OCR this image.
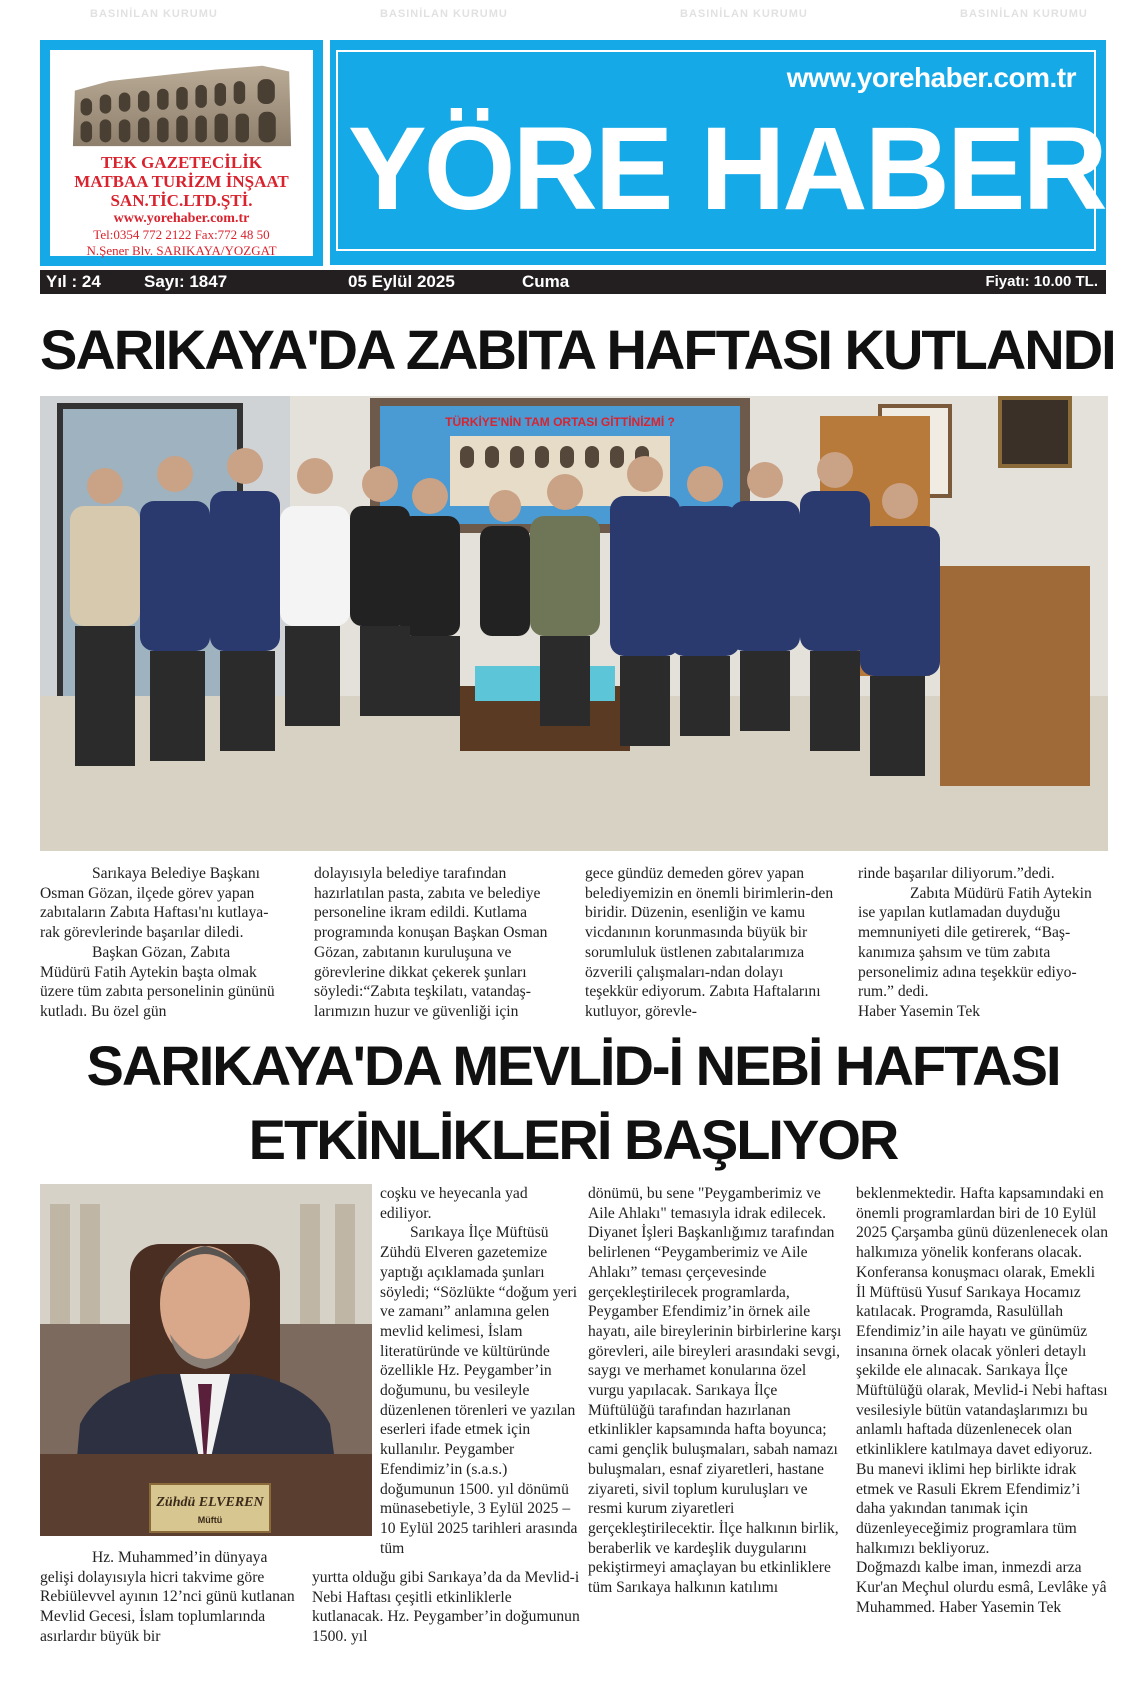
TEK GAZETECİLİK
MATBAA TURİZM İNŞAAT
SAN.TİC.LTD.ŞTİ.
www.yorehaber.com.tr
Tel:0354 772 2122 Fax:772 48 50
N.Şener Blv. SARIKAYA/YOZGAT
www.yorehaber.com.tr
YÖRE HABER
Yıl : 24	Sayı: 1847	05 Eylül 2025	Cuma	Fiyatı: 10.00 TL.
SARIKAYA'DA ZABITA HAFTASI KUTLANDI
TÜRKİYE'NİN TAM ORTASI GİTTİNİZMİ ?

Sarıkaya Belediye Başkanı Osman Gözan, ilçede görev yapan zabıtaların Zabıta Haftası'nı kutlaya-rak görevlerinde başarılar diledi.

Başkan Gözan, Zabıta Müdürü Fatih Aytekin başta olmak üzere tüm zabıta personelinin gününü kutladı. Bu özel gün

dolayısıyla belediye tarafından hazırlatılan pasta, zabıta ve belediye personeline ikram edildi. Kutlama programında konuşan Başkan Osman Gözan, zabıtanın kuruluşuna ve görevlerine dikkat çekerek şunları söyledi:“Zabıta teşkilatı, vatandaş-larımızın huzur ve güvenliği için

gece gündüz demeden görev yapan belediyemizin en önemli birimlerin-den biridir. Düzenin, esenliğin ve kamu vicdanının korunmasında büyük bir sorumluluk üstlenen zabıtalarımıza özverili çalışmaları-ndan dolayı teşekkür ediyorum. Zabıta Haftalarını kutluyor, görevle-

rinde başarılar diliyorum.”dedi.

Zabıta Müdürü Fatih Aytekin ise yapılan kutlamadan duyduğu memnuniyeti dile getirerek, “Baş-kanımıza şahsım ve tüm zabıta personelimiz adına teşekkür ediyo-rum.” dedi.

Haber Yasemin Tek

SARIKAYA'DA MEVLİD-İ NEBİ HAFTASI
ETKİNLİKLERİ BAŞLIYOR
Zühdü ELVEREN
Müftü

Hz. Muhammed’in dünyaya gelişi dolayısıyla hicri takvime göre Rebiülevvel ayının 12’nci günü kutlanan Mevlid Gecesi, İslam toplumlarında asırlardır büyük bir

coşku ve heyecanla yad ediliyor.

Sarıkaya İlçe Müftüsü Zühdü Elveren gazetemize yaptığı açıklamada şunları söyledi; “Sözlükte “doğum yeri ve zamanı” anlamına gelen mevlid kelimesi, İslam literatüründe ve kültüründe özellikle Hz. Peygamber’in doğumunu, bu vesileyle düzenlenen törenleri ve yazılan eserleri ifade etmek için kullanılır. Peygamber Efendimiz’in (s.a.s.) doğumunun 1500. yıl dönümü münasebetiyle, 3 Eylül 2025 – 10 Eylül 2025 tarihleri arasında tüm

yurtta olduğu gibi Sarıkaya’da da Mevlid-i Nebi Haftası çeşitli etkinliklerle kutlanacak. Hz. Peygamber’in doğumunun 1500. yıl

dönümü, bu sene "Peygamberimiz ve Aile Ahlakı" temasıyla idrak edilecek. Diyanet İşleri Başkanlığımız tarafından belirlenen “Peygamberimiz ve Aile Ahlakı” teması çerçevesinde gerçekleştirilecek programlarda, Peygamber Efendimiz’in örnek aile hayatı, aile bireylerinin birbirlerine karşı görevleri, aile bireyleri arasındaki sevgi, saygı ve merhamet konularına özel vurgu yapılacak. Sarıkaya İlçe Müftülüğü tarafından hazırlanan etkinlikler kapsamında hafta boyunca; cami gençlik buluşmaları, sabah namazı buluşmaları, esnaf ziyaretleri, hastane ziyareti, sivil toplum kuruluşları ve resmi kurum ziyaretleri gerçekleştirilecektir. İlçe halkının birlik, beraberlik ve kardeşlik duygularını pekiştirmeyi amaçlayan bu etkinliklere tüm Sarıkaya halkının katılımı

beklenmektedir. Hafta kapsamındaki en önemli programlardan biri de 10 Eylül 2025 Çarşamba günü düzenlenecek olan halkımıza yönelik konferans olacak. Konferansa konuşmacı olarak, Emekli İl Müftüsü Yusuf Sarıkaya Hocamız katılacak. Programda, Rasulüllah Efendimiz’in aile hayatı ve günümüz insanına örnek olacak yönleri detaylı şekilde ele alınacak. Sarıkaya İlçe Müftülüğü olarak, Mevlid-i Nebi haftası vesilesiyle bütün vatandaşlarımızı bu anlamlı haftada düzenlenecek olan etkinliklere katılmaya davet ediyoruz. Bu manevi iklimi hep birlikte idrak etmek ve Rasuli Ekrem Efendimiz’i daha yakından tanımak için düzenleyeceğimiz programlara tüm halkımızı bekliyoruz.

Doğmazdı kalbe iman, inmezdi arza Kur'an Meçhul olurdu esmâ, Levlâke yâ Muhammed. Haber Yasemin Tek

BASINİLAN KURUMU	BASINİLAN KURUMU	BASINİLAN KURUMU	BASINİLAN KURUMU
